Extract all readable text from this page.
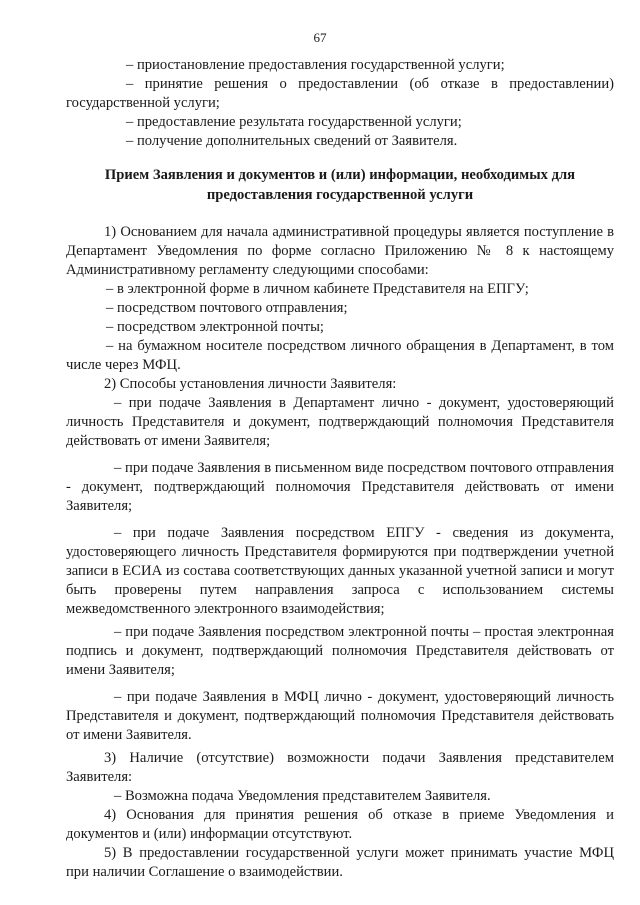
67

– приостановление предоставления государственной услуги;

– принятие решения о предоставлении (об отказе в предоставлении) государственной услуги;

– предоставление результата государственной услуги;

– получение дополнительных сведений от Заявителя.

Прием Заявления и документов и (или) информации, необходимых для предоставления государственной услуги

1) Основанием для начала административной процедуры является поступление в Департамент Уведомления по форме согласно Приложению № 8 к настоящему Административному регламенту следующими способами:

– в электронной форме в личном кабинете Представителя на ЕПГУ;

– посредством почтового отправления;

– посредством электронной почты;

– на бумажном носителе посредством личного обращения в Департамент, в том числе через МФЦ.

2) Способы установления личности Заявителя:

– при подаче Заявления в Департамент лично - документ, удостоверяющий личность Представителя и документ, подтверждающий полномочия Представителя действовать от имени Заявителя;

– при подаче Заявления в письменном виде посредством почтового отправления - документ, подтверждающий полномочия Представителя действовать от имени Заявителя;

– при подаче Заявления посредством ЕПГУ - сведения из документа, удостоверяющего личность Представителя формируются при подтверждении учетной записи в ЕСИА из состава соответствующих данных указанной учетной записи и могут быть проверены путем направления запроса с использованием системы межведомственного электронного взаимодействия;

– при подаче Заявления посредством электронной почты – простая электронная подпись и документ, подтверждающий полномочия Представителя действовать от имени Заявителя;

– при подаче Заявления в МФЦ лично - документ, удостоверяющий личность Представителя и документ, подтверждающий полномочия Представителя действовать от имени Заявителя.

3) Наличие (отсутствие) возможности подачи Заявления представителем Заявителя:

– Возможна подача Уведомления представителем Заявителя.

4) Основания для принятия решения об отказе в приеме Уведомления и документов и (или) информации отсутствуют.

5) В предоставлении государственной услуги может принимать участие МФЦ при наличии Соглашение о взаимодействии.
